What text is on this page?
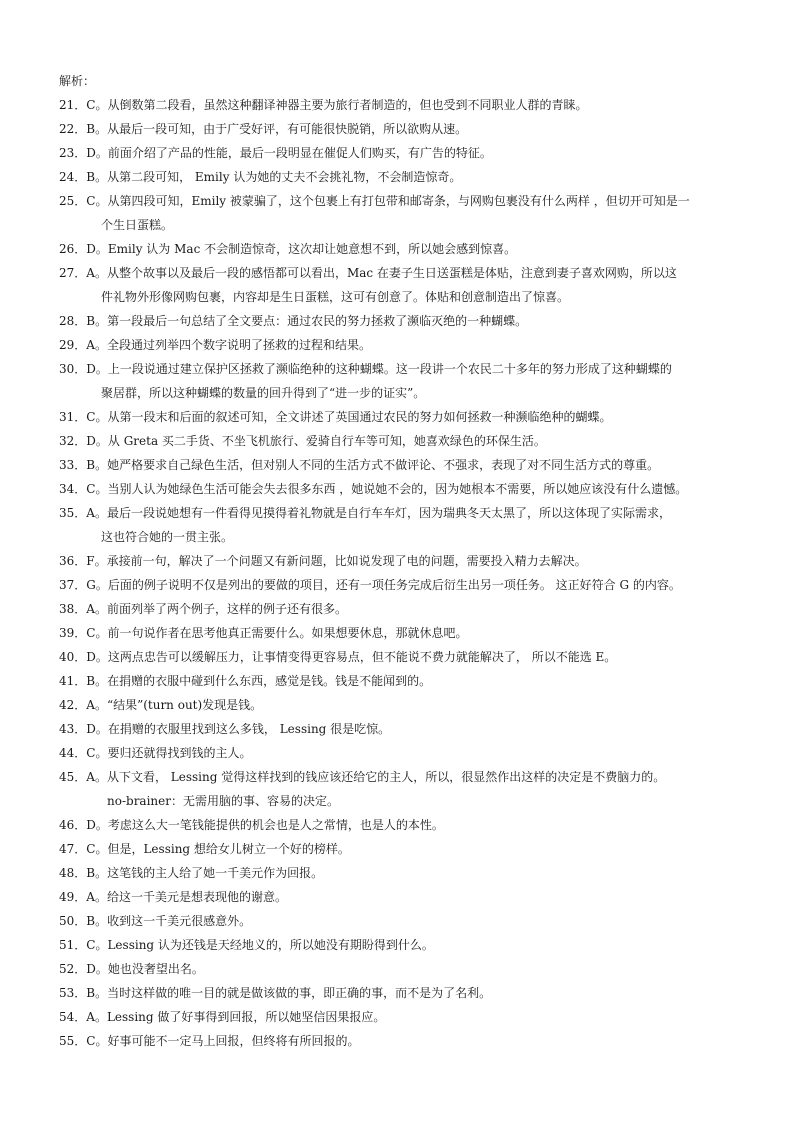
解析：
21．C。从倒数第二段看，虽然这种翻译神器主要为旅行者制造的，但也受到不同职业人群的青睐。
22．B。从最后一段可知，由于广受好评，有可能很快脱销，所以欲购从速。
23．D。前面介绍了产品的性能，最后一段明显在催促人们购买，有广告的特征。
24．B。从第二段可知， Emily 认为她的丈夫不会挑礼物，不会制造惊奇。
25．C。从第四段可知，Emily 被蒙骗了，这个包裹上有打包带和邮寄条，与网购包裹没有什么两样 ，但切开可知是一
个生日蛋糕。
26．D。Emily 认为 Mac 不会制造惊奇，这次却让她意想不到，所以她会感到惊喜。
27．A。从整个故事以及最后一段的感悟都可以看出，Mac 在妻子生日送蛋糕是体贴，注意到妻子喜欢网购，所以这
件礼物外形像网购包裹，内容却是生日蛋糕，这可有创意了。体贴和创意制造出了惊喜。
28．B。第一段最后一句总结了全文要点：通过农民的努力拯救了濒临灭绝的一种蝴蝶。
29．A。全段通过列举四个数字说明了拯救的过程和结果。
30．D。上一段说通过建立保护区拯救了濒临绝种的这种蝴蝶。这一段讲一个农民二十多年的努力形成了这种蝴蝶的
聚居群，所以这种蝴蝶的数量的回升得到了“进一步的证实”。
31．C。从第一段末和后面的叙述可知，全文讲述了英国通过农民的努力如何拯救一种濒临绝种的蝴蝶。
32．D。从 Greta 买二手货、不坐飞机旅行、爱骑自行车等可知，她喜欢绿色的环保生活。
33．B。她严格要求自己绿色生活，但对别人不同的生活方式不做评论、不强求，表现了对不同生活方式的尊重。
34．C。当别人认为她绿色生活可能会失去很多东西 ，她说她不会的，因为她根本不需要，所以她应该没有什么遗憾。
35．A。最后一段说她想有一件看得见摸得着礼物就是自行车车灯，因为瑞典冬天太黑了，所以这体现了实际需求，
这也符合她的一贯主张。
36．F。承接前一句，解决了一个问题又有新问题，比如说发现了电的问题，需要投入精力去解决。
37．G。后面的例子说明不仅是列出的要做的项目，还有一项任务完成后衍生出另一项任务。 这正好符合 G 的内容。
38．A。前面列举了两个例子，这样的例子还有很多。
39．C。前一句说作者在思考他真正需要什么。如果想要休息，那就休息吧。
40．D。这两点忠告可以缓解压力，让事情变得更容易点，但不能说不费力就能解决了， 所以不能选 E。
41．B。在捐赠的衣服中碰到什么东西，感觉是钱。钱是不能闻到的。
42．A。“结果”(turn out)发现是钱。
43．D。在捐赠的衣服里找到这么多钱， Lessing 很是吃惊。
44．C。要归还就得找到钱的主人。
45．A。从下文看， Lessing 觉得这样找到的钱应该还给它的主人，所以，很显然作出这样的决定是不费脑力的。
no-brainer：无需用脑的事、容易的决定。
46．D。考虑这么大一笔钱能提供的机会也是人之常情，也是人的本性。
47．C。但是，Lessing 想给女儿树立一个好的榜样。
48．B。这笔钱的主人给了她一千美元作为回报。
49．A。给这一千美元是想表现他的谢意。
50．B。收到这一千美元很感意外。
51．C。Lessing 认为还钱是天经地义的，所以她没有期盼得到什么。
52．D。她也没奢望出名。
53．B。当时这样做的唯一目的就是做该做的事，即正确的事，而不是为了名利。
54．A。Lessing 做了好事得到回报，所以她坚信因果报应。
55．C。好事可能不一定马上回报，但终将有所回报的。
